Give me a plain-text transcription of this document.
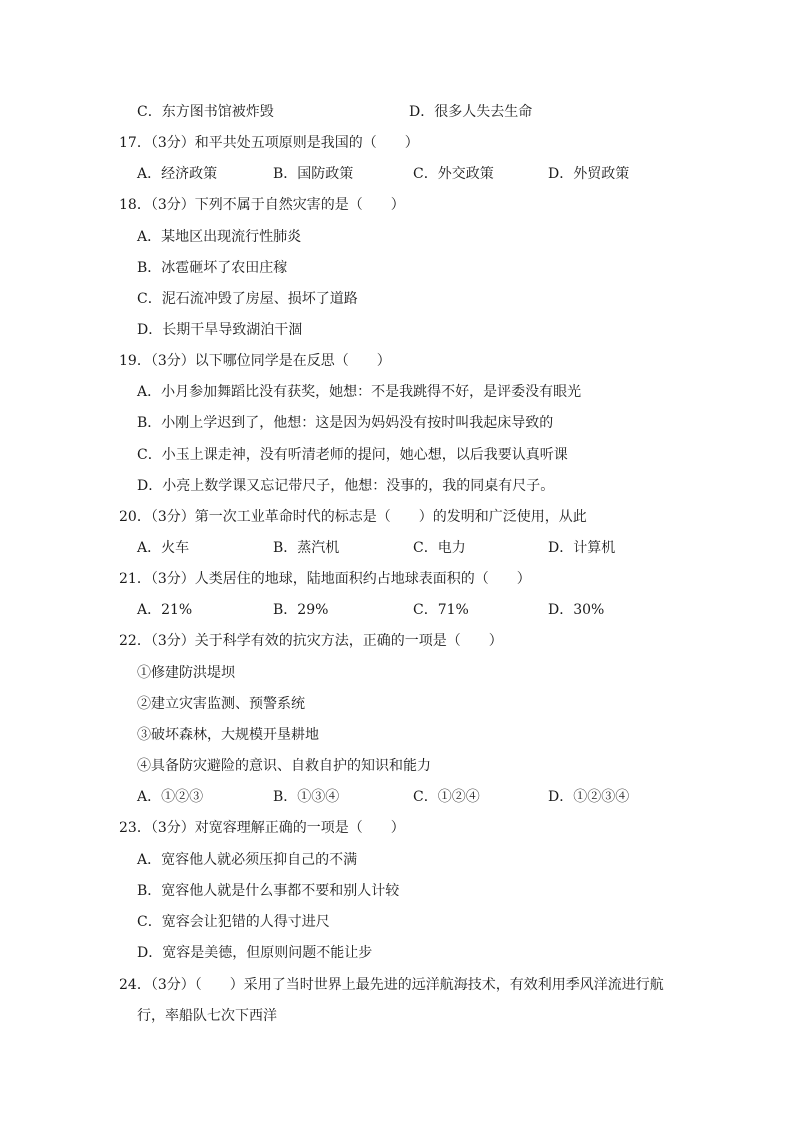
C．东方图书馆被炸毁	D．很多人失去生命
17．（3分）和平共处五项原则是我国的（　　）
A．经济政策	B．国防政策	C．外交政策	D．外贸政策
18．（3分）下列不属于自然灾害的是（　　）
A．某地区出现流行性肺炎
B．冰雹砸坏了农田庄稼
C．泥石流冲毁了房屋、损坏了道路
D．长期干旱导致湖泊干涸
19．（3分）以下哪位同学是在反思（　　）
A．小月参加舞蹈比没有获奖，她想：不是我跳得不好，是评委没有眼光
B．小刚上学迟到了，他想：这是因为妈妈没有按时叫我起床导致的
C．小玉上课走神，没有听清老师的提问，她心想，以后我要认真听课
D．小亮上数学课又忘记带尺子，他想：没事的，我的同桌有尺子。
20．（3分）第一次工业革命时代的标志是（　　）的发明和广泛使用，从此
A．火车	B．蒸汽机	C．电力	D．计算机
21．（3分）人类居住的地球，陆地面积约占地球表面积的（　　）
A．21%	B．29%	C．71%	D．30%
22．（3分）关于科学有效的抗灾方法，正确的一项是（　　）
①修建防洪堤坝
②建立灾害监测、预警系统
③破坏森林，大规模开垦耕地
④具备防灾避险的意识、自救自护的知识和能力
A．①②③	B．①③④	C．①②④	D．①②③④
23．（3分）对宽容理解正确的一项是（　　）
A．宽容他人就必须压抑自己的不满
B．宽容他人就是什么事都不要和别人计较
C．宽容会让犯错的人得寸进尺
D．宽容是美德，但原则问题不能让步
24．（3分）（　　）采用了当时世界上最先进的远洋航海技术，有效利用季风洋流进行航
行，率船队七次下西洋
